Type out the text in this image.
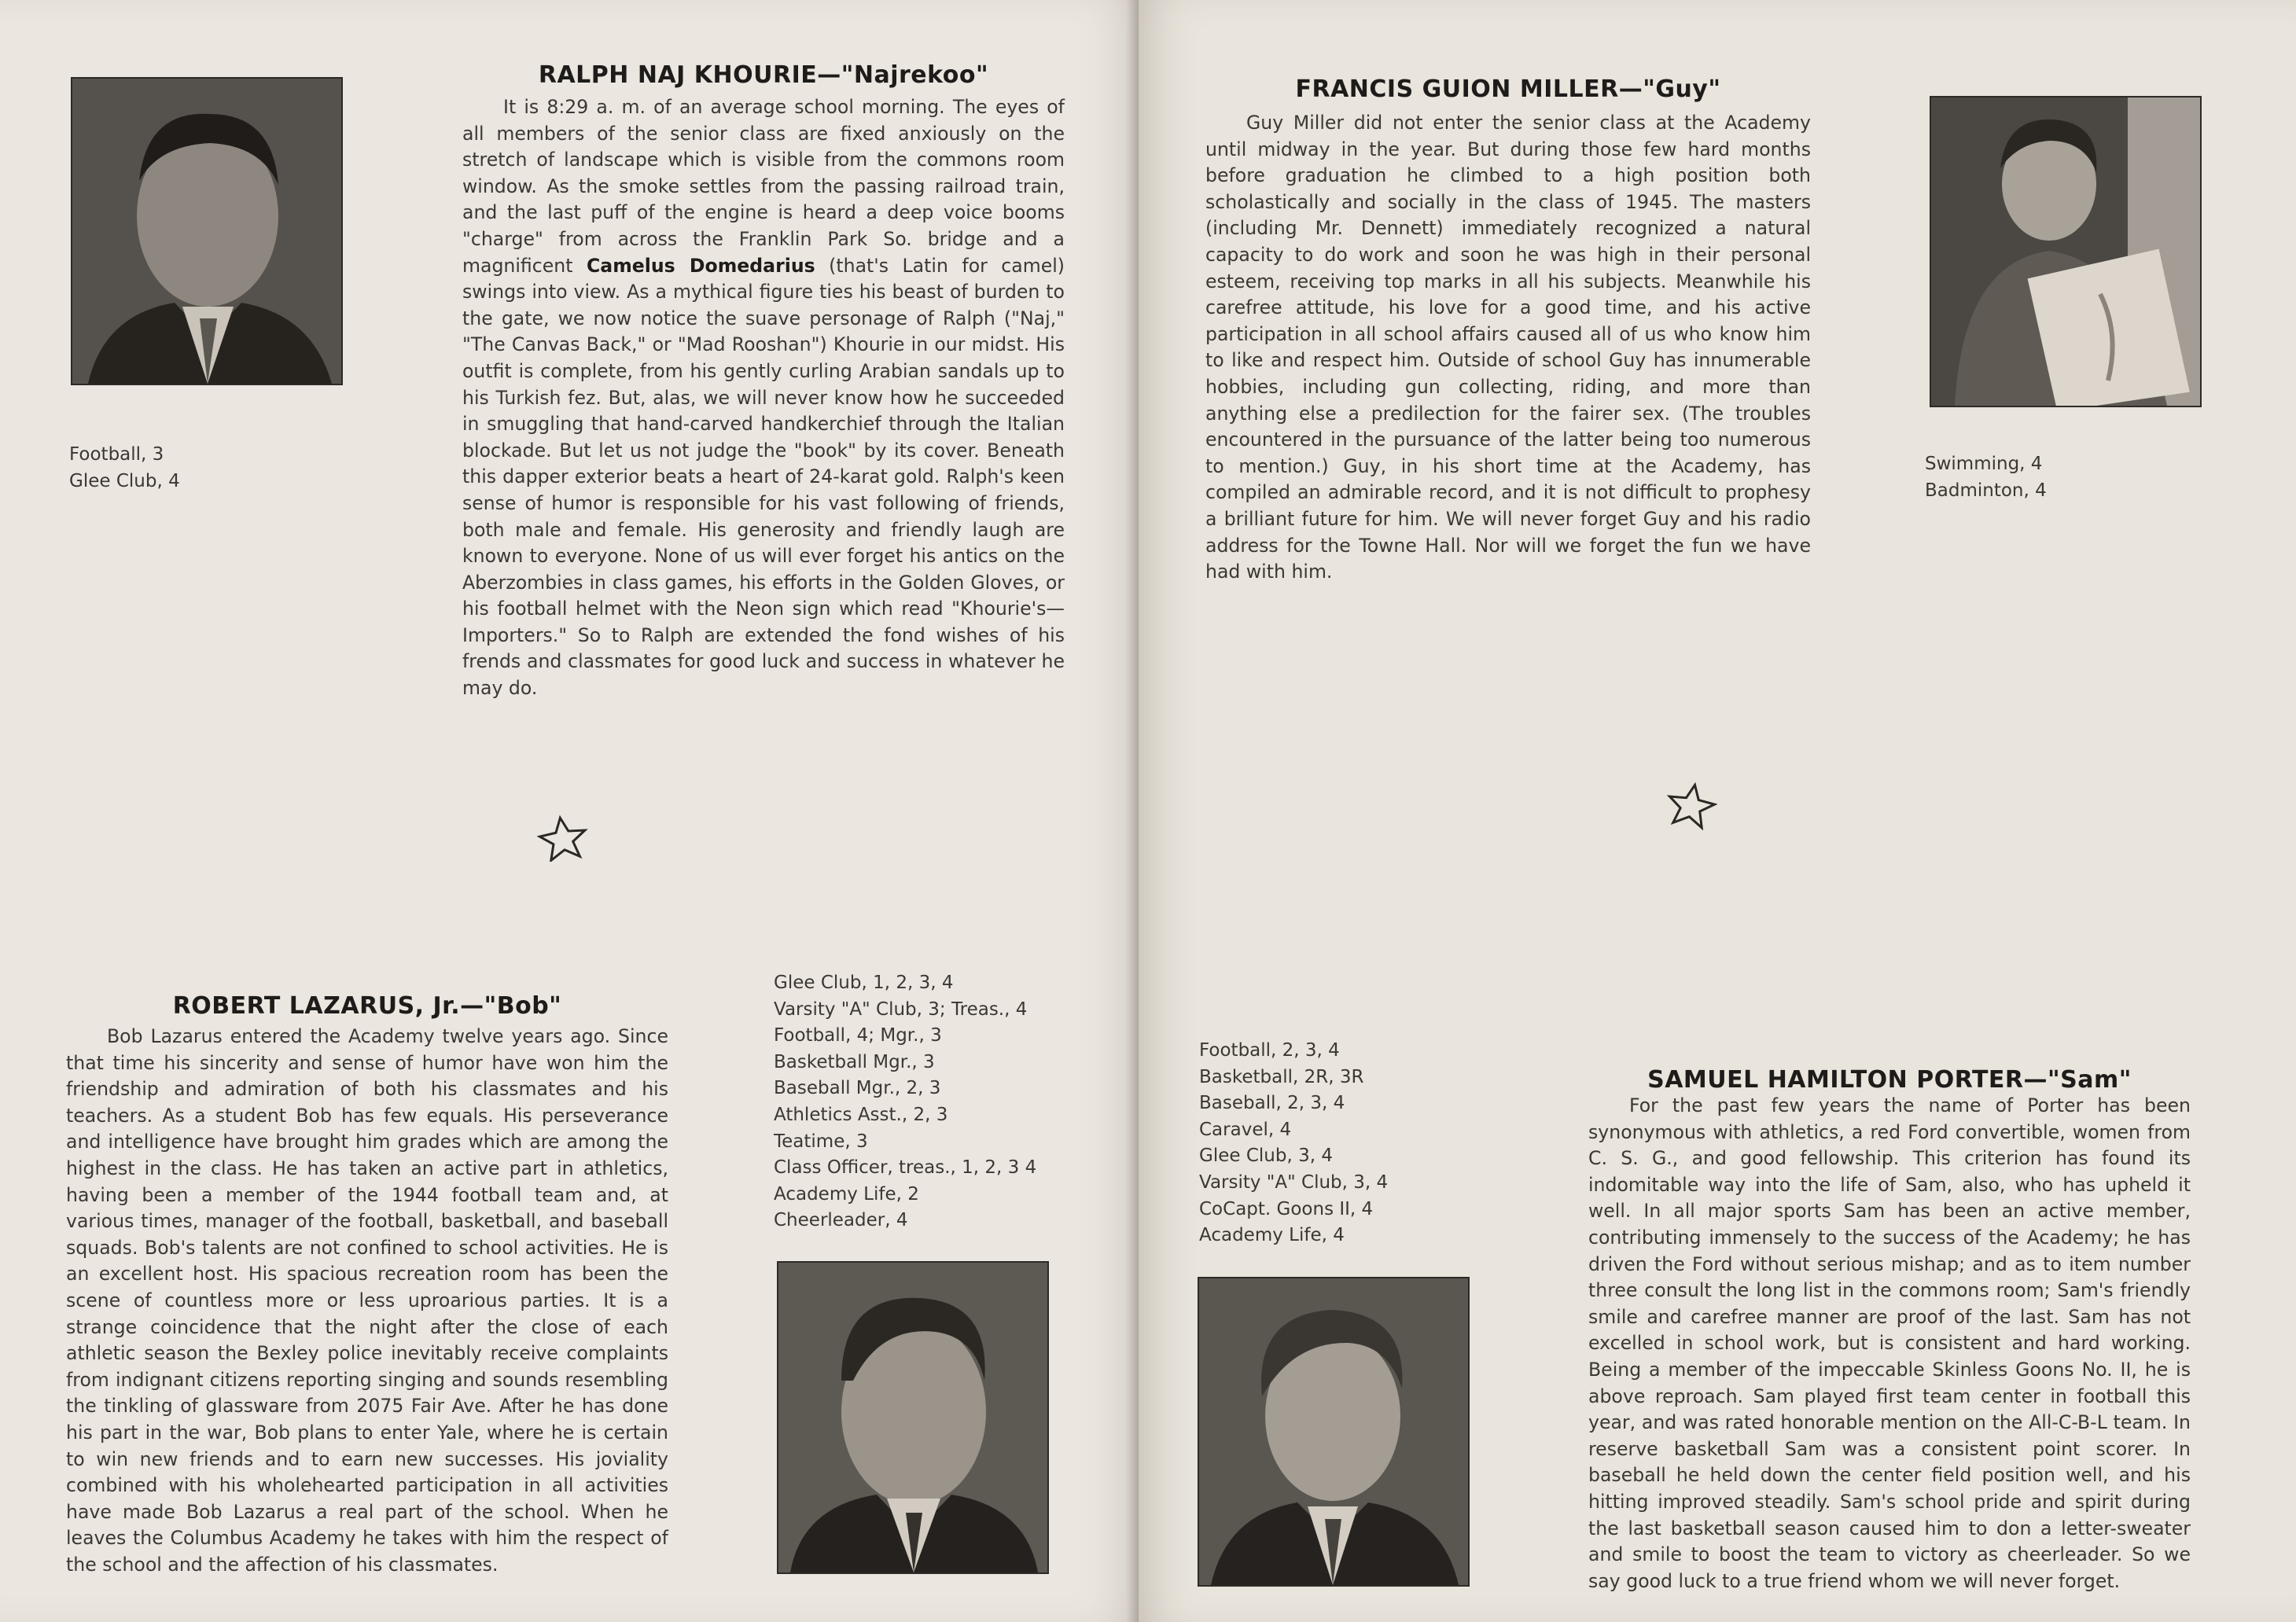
Football, 3
Glee Club, 4
RALPH NAJ KHOURIE—"Najrekoo"

It is 8:29 a. m. of an average school morning. The eyes of all members of the senior class are fixed anxiously on the stretch of landscape which is visible from the commons room window. As the smoke settles from the passing railroad train, and the last puff of the engine is heard a deep voice booms "charge" from across the Franklin Park So. bridge and a magnificent Camelus Domedarius (that's Latin for camel) swings into view. As a mythical figure ties his beast of burden to the gate, we now notice the suave personage of Ralph ("Naj," "The Canvas Back," or "Mad Rooshan") Khourie in our midst. His outfit is complete, from his gently curling Arabian sandals up to his Turkish fez. But, alas, we will never know how he succeeded in smuggling that hand-carved handkerchief through the Italian blockade. But let us not judge the "book" by its cover. Beneath this dapper exterior beats a heart of 24-karat gold. Ralph's keen sense of humor is responsible for his vast following of friends, both male and female. His generosity and friendly laugh are known to everyone. None of us will ever forget his antics on the Aberzombies in class games, his efforts in the Golden Gloves, or his football helmet with the Neon sign which read "Khourie's—Importers." So to Ralph are extended the fond wishes of his frends and classmates for good luck and success in whatever he may do.

ROBERT LAZARUS, Jr.—"Bob"

Bob Lazarus entered the Academy twelve years ago. Since that time his sincerity and sense of humor have won him the friendship and admiration of both his classmates and his teachers. As a student Bob has few equals. His perseverance and intelligence have brought him grades which are among the highest in the class. He has taken an active part in athletics, having been a member of the 1944 football team and, at various times, manager of the football, basketball, and baseball squads. Bob's talents are not confined to school activities. He is an excellent host. His spacious recreation room has been the scene of countless more or less uproarious parties. It is a strange coincidence that the night after the close of each athletic season the Bexley police inevitably receive complaints from indignant citizens reporting singing and sounds resembling the tinkling of glassware from 2075 Fair Ave. After he has done his part in the war, Bob plans to enter Yale, where he is certain to win new friends and to earn new successes. His joviality combined with his wholehearted participation in all activities have made Bob Lazarus a real part of the school. When he leaves the Columbus Academy he takes with him the respect of the school and the affection of his classmates.

Glee Club, 1, 2, 3, 4
Varsity "A" Club, 3; Treas., 4
Football, 4; Mgr., 3
Basketball Mgr., 3
Baseball Mgr., 2, 3
Athletics Asst., 2, 3
Teatime, 3
Class Officer, treas., 1, 2, 3 4
Academy Life, 2
Cheerleader, 4
FRANCIS GUION MILLER—"Guy"

Guy Miller did not enter the senior class at the Academy until midway in the year. But during those few hard months before graduation he climbed to a high position both scholastically and socially in the class of 1945. The masters (including Mr. Dennett) immediately recognized a natural capacity to do work and soon he was high in their personal esteem, receiving top marks in all his subjects. Meanwhile his carefree attitude, his love for a good time, and his active participation in all school affairs caused all of us who know him to like and respect him. Outside of school Guy has innumerable hobbies, including gun collecting, riding, and more than anything else a predilection for the fairer sex. (The troubles encountered in the pursuance of the latter being too numerous to mention.) Guy, in his short time at the Academy, has compiled an admirable record, and it is not difficult to prophesy a brilliant future for him. We will never forget Guy and his radio address for the Towne Hall. Nor will we forget the fun we have had with him.

Swimming, 4
Badminton, 4
Football, 2, 3, 4
Basketball, 2R, 3R
Baseball, 2, 3, 4
Caravel, 4
Glee Club, 3, 4
Varsity "A" Club, 3, 4
CoCapt. Goons II, 4
Academy Life, 4
SAMUEL HAMILTON PORTER—"Sam"

For the past few years the name of Porter has been synonymous with athletics, a red Ford convertible, women from C. S. G., and good fellowship. This criterion has found its indomitable way into the life of Sam, also, who has upheld it well. In all major sports Sam has been an active member, contributing immensely to the success of the Academy; he has driven the Ford without serious mishap; and as to item number three consult the long list in the commons room; Sam's friendly smile and carefree manner are proof of the last. Sam has not excelled in school work, but is consistent and hard working. Being a member of the impeccable Skinless Goons No. II, he is above reproach. Sam played first team center in football this year, and was rated honorable mention on the All-C-B-L team. In reserve basketball Sam was a consistent point scorer. In baseball he held down the center field position well, and his hitting improved steadily. Sam's school pride and spirit during the last basketball season caused him to don a letter-sweater and smile to boost the team to victory as cheerleader. So we say good luck to a true friend whom we will never forget.
